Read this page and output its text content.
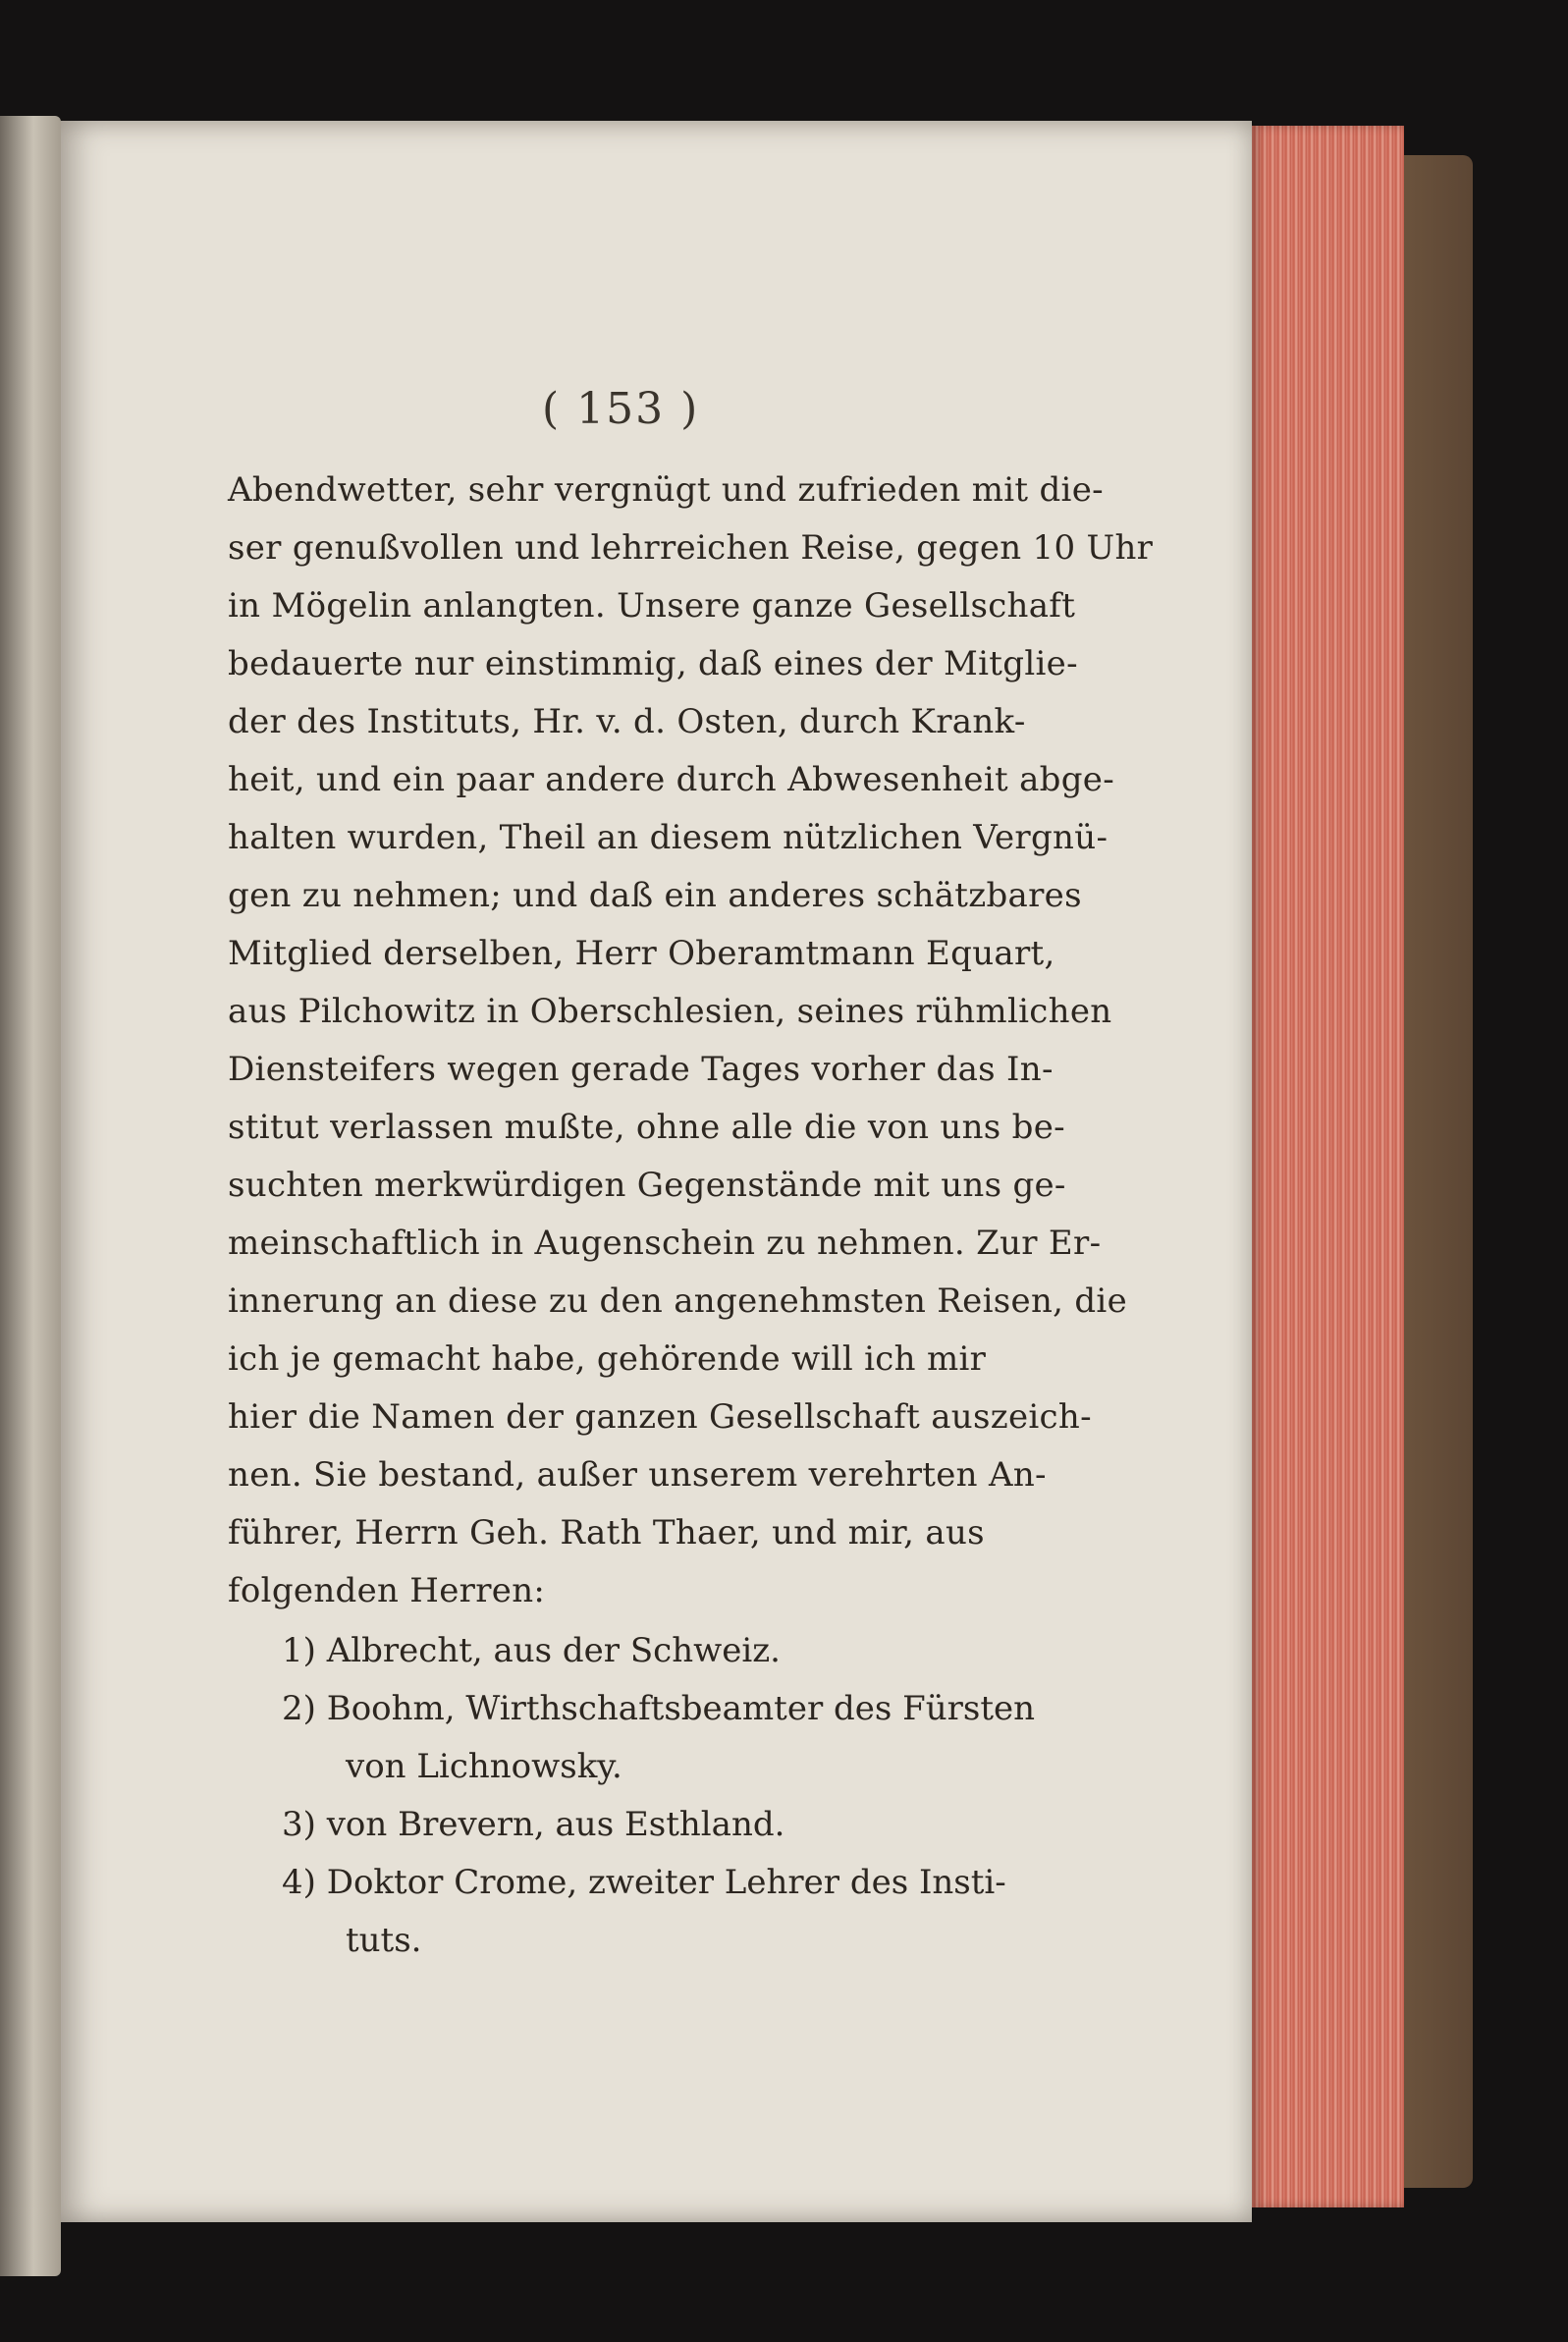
( 153 )
Abendwetter, sehr vergnügt und zufrieden mit die-
ser genußvollen und lehrreichen Reise, gegen 10 Uhr
in Mögelin anlangten. Unsere ganze Gesellschaft
bedauerte nur einstimmig, daß eines der Mitglie-
der des Instituts, Hr. v. d. Osten, durch Krank-
heit, und ein paar andere durch Abwesenheit abge-
halten wurden, Theil an diesem nützlichen Vergnü-
gen zu nehmen; und daß ein anderes schätzbares
Mitglied derselben, Herr Oberamtmann Equart,
aus Pilchowitz in Oberschlesien, seines rühmlichen
Diensteifers wegen gerade Tages vorher das In-
stitut verlassen mußte, ohne alle die von uns be-
suchten merkwürdigen Gegenstände mit uns ge-
meinschaftlich in Augenschein zu nehmen. Zur Er-
innerung an diese zu den angenehmsten Reisen, die
ich je gemacht habe, gehörende will ich mir
hier die Namen der ganzen Gesellschaft auszeich-
nen. Sie bestand, außer unserem verehrten An-
führer, Herrn Geh. Rath Thaer, und mir, aus
folgenden Herren:
1) Albrecht, aus der Schweiz.
2) Boohm, Wirthschaftsbeamter des Fürsten
von Lichnowsky.
3) von Brevern, aus Esthland.
4) Doktor Crome, zweiter Lehrer des Insti-
tuts.
